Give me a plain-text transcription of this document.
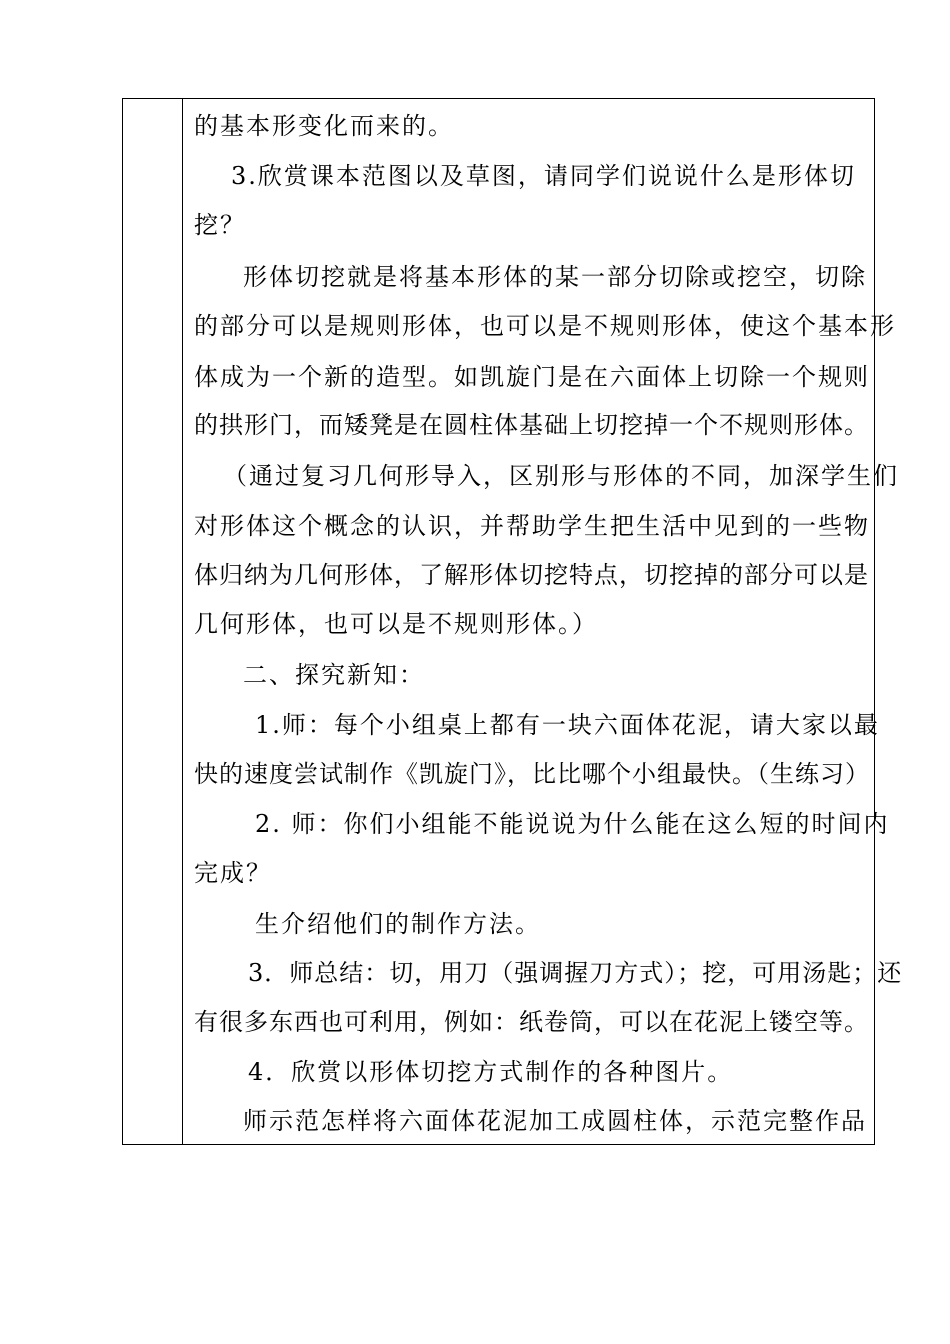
的基本形变化而来的。
3.欣赏课本范图以及草图，请同学们说说什么是形体切
挖？
形体切挖就是将基本形体的某一部分切除或挖空，切除
的部分可以是规则形体，也可以是不规则形体，使这个基本形
体成为一个新的造型。如凯旋门是在六面体上切除一个规则
的拱形门，而矮凳是在圆柱体基础上切挖掉一个不规则形体。
（通过复习几何形导入，区别形与形体的不同，加深学生们
对形体这个概念的认识，并帮助学生把生活中见到的一些物
体归纳为几何形体，了解形体切挖特点，切挖掉的部分可以是
几何形体，也可以是不规则形体。）
二、探究新知：
1.师：每个小组桌上都有一块六面体花泥，请大家以最
快的速度尝试制作《凯旋门》，比比哪个小组最快。（生练习）
2. 师：你们小组能不能说说为什么能在这么短的时间内
完成？
生介绍他们的制作方法。
3．师总结：切，用刀（强调握刀方式）；挖，可用汤匙；还
有很多东西也可利用，例如：纸卷筒，可以在花泥上镂空等。
4．欣赏以形体切挖方式制作的各种图片。
师示范怎样将六面体花泥加工成圆柱体，示范完整作品
